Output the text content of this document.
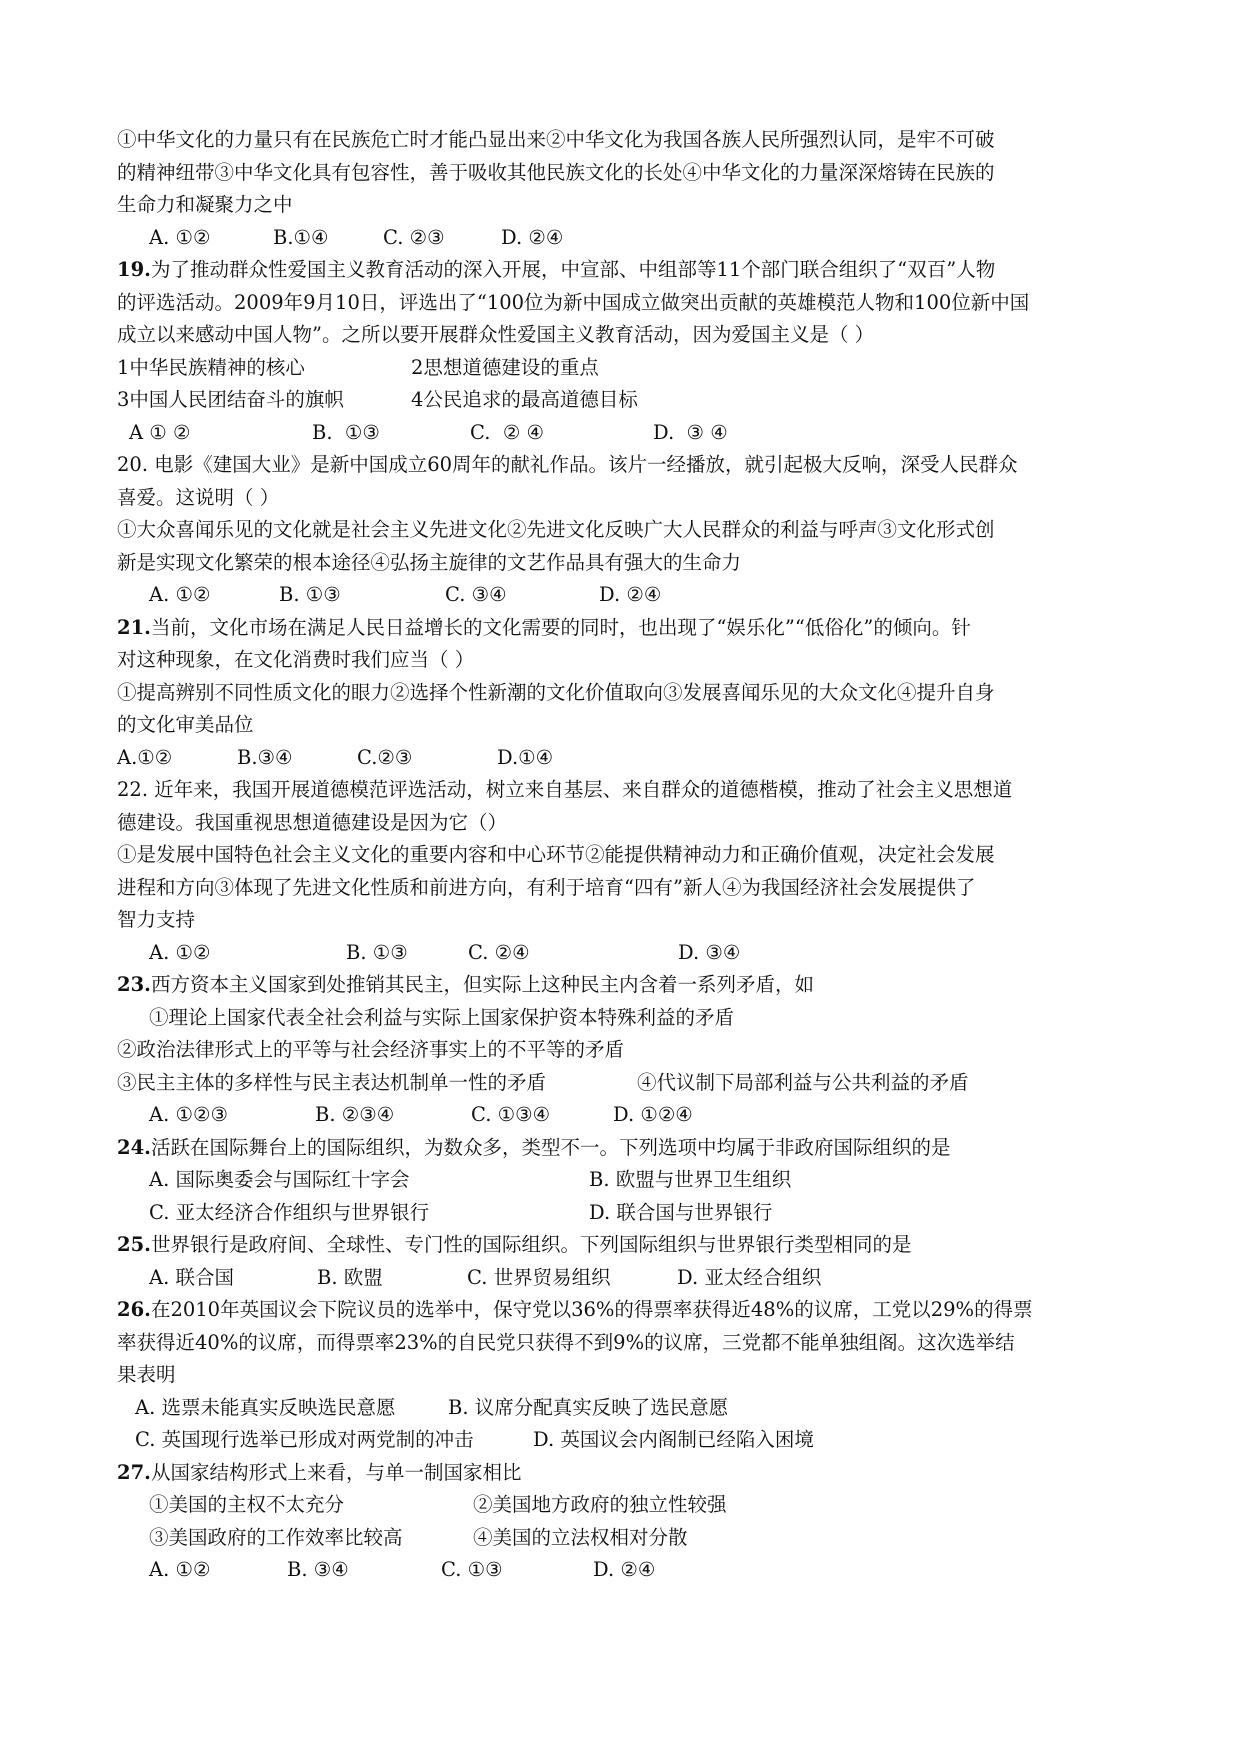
①中华文化的力量只有在民族危亡时才能凸显出来②中华文化为我国各族人民所强烈认同，是牢不可破
的精神纽带③中华文化具有包容性，善于吸收其他民族文化的长处④中华文化的力量深深熔铸在民族的
生命力和凝聚力之中
A. ①②	B.①④	C. ②③	D. ②④
19.为了推动群众性爱国主义教育活动的深入开展，中宣部、中组部等11个部门联合组织了“双百”人物
的评选活动。2009年9月10日，评选出了“100位为新中国成立做突出贡献的英雄模范人物和100位新中国
成立以来感动中国人物”。之所以要开展群众性爱国主义教育活动，因为爱国主义是（ ）
1中华民族精神的核心	2思想道德建设的重点
3中国人民团结奋斗的旗帜	4公民追求的最高道德目标
A ① ②	B.  ①③	C.  ② ④	D.  ③ ④
20. 电影《建国大业》是新中国成立60周年的献礼作品。该片一经播放，就引起极大反响，深受人民群众
喜爱。这说明（ ）
①大众喜闻乐见的文化就是社会主义先进文化②先进文化反映广大人民群众的利益与呼声③文化形式创
新是实现文化繁荣的根本途径④弘扬主旋律的文艺作品具有强大的生命力
A. ①②	B. ①③	C. ③④	D. ②④
21.当前，文化市场在满足人民日益增长的文化需要的同时，也出现了“娱乐化”“低俗化”的倾向。针
对这种现象，在文化消费时我们应当（ ）
①提高辨别不同性质文化的眼力②选择个性新潮的文化价值取向③发展喜闻乐见的大众文化④提升自身
的文化审美品位
A.①②	B.③④	C.②③	D.①④
22. 近年来，我国开展道德模范评选活动，树立来自基层、来自群众的道德楷模，推动了社会主义思想道
德建设。我国重视思想道德建设是因为它（）
①是发展中国特色社会主义文化的重要内容和中心环节②能提供精神动力和正确价值观，决定社会发展
进程和方向③体现了先进文化性质和前进方向，有利于培育“四有”新人④为我国经济社会发展提供了
智力支持
A. ①②	B. ①③	C. ②④	D. ③④
23.西方资本主义国家到处推销其民主，但实际上这种民主内含着一系列矛盾，如
①理论上国家代表全社会利益与实际上国家保护资本特殊利益的矛盾
②政治法律形式上的平等与社会经济事实上的不平等的矛盾
③民主主体的多样性与民主表达机制单一性的矛盾	④代议制下局部利益与公共利益的矛盾
A. ①②③	B. ②③④	C. ①③④	D. ①②④
24.活跃在国际舞台上的国际组织，为数众多，类型不一。下列选项中均属于非政府国际组织的是
A. 国际奥委会与国际红十字会	B. 欧盟与世界卫生组织
C. 亚太经济合作组织与世界银行	D. 联合国与世界银行
25.世界银行是政府间、全球性、专门性的国际组织。下列国际组织与世界银行类型相同的是
A. 联合国	B. 欧盟	C. 世界贸易组织	D. 亚太经合组织
26.在2010年英国议会下院议员的选举中，保守党以36%的得票率获得近48%的议席，工党以29%的得票
率获得近40%的议席，而得票率23%的自民党只获得不到9%的议席，三党都不能单独组阁。这次选举结
果表明
A. 选票未能真实反映选民意愿	B. 议席分配真实反映了选民意愿
C. 英国现行选举已形成对两党制的冲击	D. 英国议会内阁制已经陷入困境
27.从国家结构形式上来看，与单一制国家相比
①美国的主权不太充分	②美国地方政府的独立性较强
③美国政府的工作效率比较高	④美国的立法权相对分散
A. ①②	B. ③④	C. ①③	D. ②④
